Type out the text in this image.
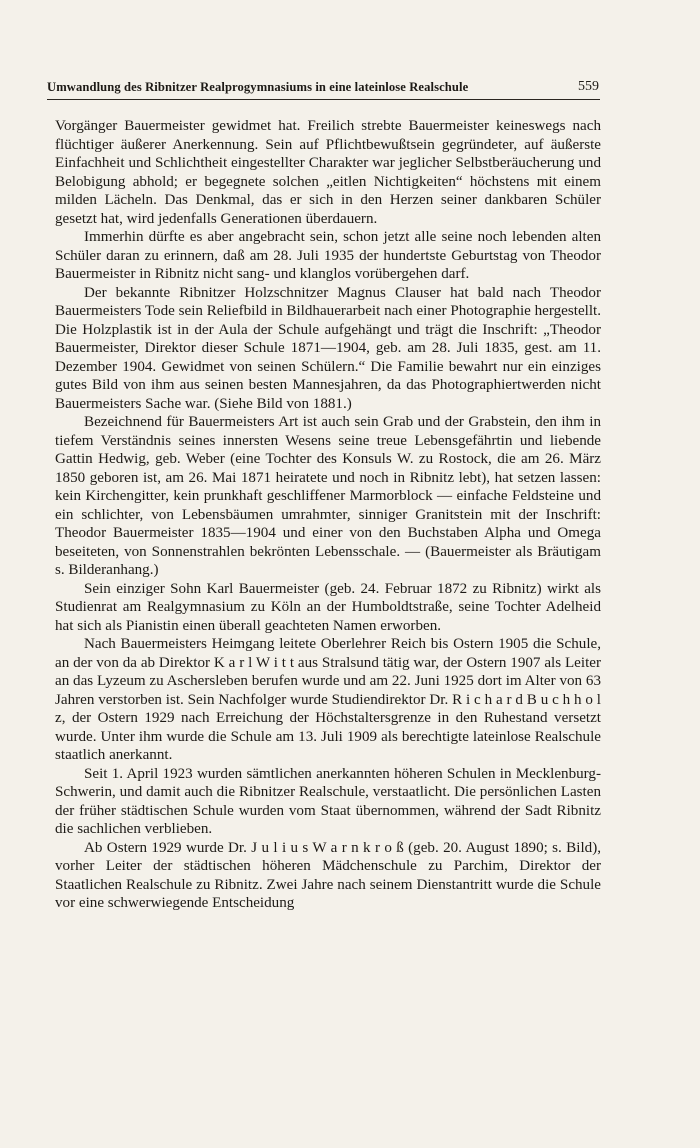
Umwandlung des Ribnitzer Realprogymnasiums in eine lateinlose Realschule	559

Vorgänger Bauermeister gewidmet hat. Freilich strebte Bauermeister keineswegs nach flüchtiger äußerer Anerkennung. Sein auf Pflichtbewußtsein gegründeter, auf äußerste Einfachheit und Schlichtheit eingestellter Charakter war jeglicher Selbstberäucherung und Belobigung abhold; er begegnete solchen „eitlen Nichtigkeiten“ höchstens mit einem milden Lächeln. Das Denkmal, das er sich in den Herzen seiner dankbaren Schüler gesetzt hat, wird jedenfalls Generationen überdauern.

Immerhin dürfte es aber angebracht sein, schon jetzt alle seine noch lebenden alten Schüler daran zu erinnern, daß am 28. Juli 1935 der hundertste Geburtstag von Theodor Bauermeister in Ribnitz nicht sang- und klanglos vorübergehen darf.

Der bekannte Ribnitzer Holzschnitzer Magnus Clauser hat bald nach Theodor Bauermeisters Tode sein Reliefbild in Bildhauerarbeit nach einer Photographie hergestellt. Die Holzplastik ist in der Aula der Schule aufgehängt und trägt die Inschrift: „Theodor Bauermeister, Direktor dieser Schule 1871—1904, geb. am 28. Juli 1835, gest. am 11. Dezember 1904. Gewidmet von seinen Schülern.“ Die Familie bewahrt nur ein einziges gutes Bild von ihm aus seinen besten Mannesjahren, da das Photographiertwerden nicht Bauermeisters Sache war. (Siehe Bild von 1881.)

Bezeichnend für Bauermeisters Art ist auch sein Grab und der Grabstein, den ihm in tiefem Verständnis seines innersten Wesens seine treue Lebensgefährtin und liebende Gattin Hedwig, geb. Weber (eine Tochter des Konsuls W. zu Rostock, die am 26. März 1850 geboren ist, am 26. Mai 1871 heiratete und noch in Ribnitz lebt), hat setzen lassen: kein Kirchengitter, kein prunkhaft geschliffener Marmorblock — einfache Feldsteine und ein schlichter, von Lebensbäumen umrahmter, sinniger Granitstein mit der Inschrift: Theodor Bauermeister 1835—1904 und einer von den Buchstaben Alpha und Omega beseiteten, von Sonnenstrahlen bekrönten Lebensschale. — (Bauermeister als Bräutigam s. Bilderanhang.)

Sein einziger Sohn Karl Bauermeister (geb. 24. Februar 1872 zu Ribnitz) wirkt als Studienrat am Realgymnasium zu Köln an der Humboldtstraße, seine Tochter Adelheid hat sich als Pianistin einen überall geachteten Namen erworben.

Nach Bauermeisters Heimgang leitete Oberlehrer Reich bis Ostern 1905 die Schule, an der von da ab Direktor K a r l W i t t aus Stralsund tätig war, der Ostern 1907 als Leiter an das Lyzeum zu Aschersleben berufen wurde und am 22. Juni 1925 dort im Alter von 63 Jahren verstorben ist. Sein Nachfolger wurde Studiendirektor Dr. R i c h a r d B u c h h o l z, der Ostern 1929 nach Erreichung der Höchstaltersgrenze in den Ruhestand versetzt wurde. Unter ihm wurde die Schule am 13. Juli 1909 als berechtigte lateinlose Realschule staatlich anerkannt.

Seit 1. April 1923 wurden sämtlichen anerkannten höheren Schulen in Mecklenburg-Schwerin, und damit auch die Ribnitzer Realschule, verstaatlicht. Die persönlichen Lasten der früher städtischen Schule wurden vom Staat übernommen, während der Sadt Ribnitz die sachlichen verblieben.

Ab Ostern 1929 wurde Dr. J u l i u s W a r n k r o ß (geb. 20. August 1890; s. Bild), vorher Leiter der städtischen höheren Mädchenschule zu Parchim, Direktor der Staatlichen Realschule zu Ribnitz. Zwei Jahre nach seinem Dienstantritt wurde die Schule vor eine schwerwiegende Entscheidung
